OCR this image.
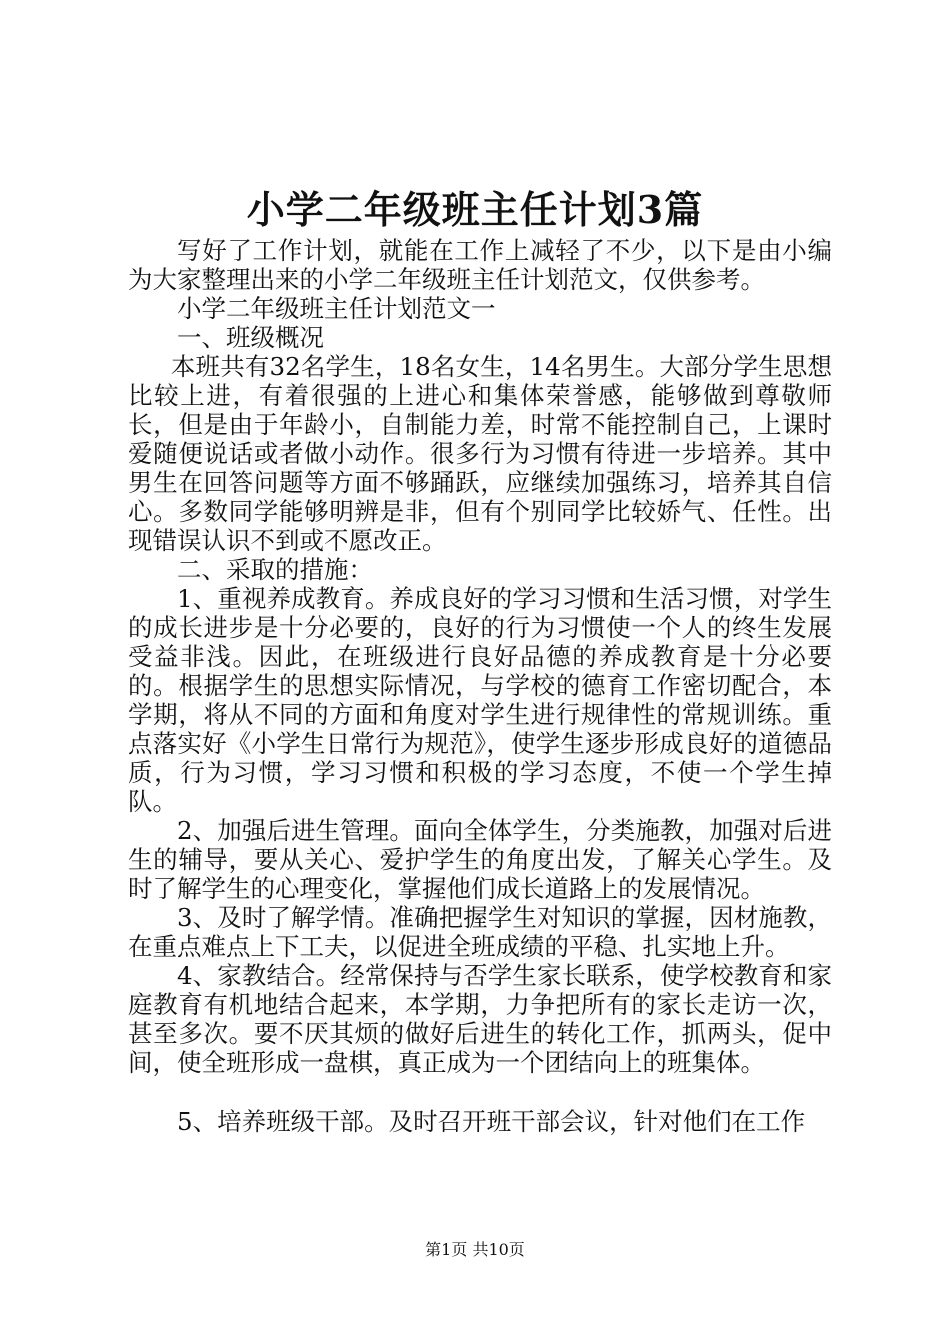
小学二年级班主任计划3篇

写好了工作计划，就能在工作上减轻了不少，以下是由小编为大家整理出来的小学二年级班主任计划范文，仅供参考。

小学二年级班主任计划范文一

一、班级概况

本班共有32名学生，18名女生，14名男生。大部分学生思想比较上进，有着很强的上进心和集体荣誉感，能够做到尊敬师长，但是由于年龄小，自制能力差，时常不能控制自己，上课时爱随便说话或者做小动作。很多行为习惯有待进一步培养。其中男生在回答问题等方面不够踊跃，应继续加强练习，培养其自信心。多数同学能够明辨是非，但有个别同学比较娇气、任性。出现错误认识不到或不愿改正。

二、采取的措施：

1、重视养成教育。养成良好的学习习惯和生活习惯，对学生的成长进步是十分必要的，良好的行为习惯使一个人的终生发展受益非浅。因此，在班级进行良好品德的养成教育是十分必要的。根据学生的思想实际情况，与学校的德育工作密切配合，本学期，将从不同的方面和角度对学生进行规律性的常规训练。重点落实好《小学生日常行为规范》，使学生逐步形成良好的道德品质，行为习惯，学习习惯和积极的学习态度，不使一个学生掉队。

2、加强后进生管理。面向全体学生，分类施教，加强对后进生的辅导，要从关心、爱护学生的角度出发，了解关心学生。及时了解学生的心理变化，掌握他们成长道路上的发展情况。

3、及时了解学情。准确把握学生对知识的掌握，因材施教，在重点难点上下工夫，以促进全班成绩的平稳、扎实地上升。

4、家教结合。经常保持与否学生家长联系，使学校教育和家庭教育有机地结合起来，本学期，力争把所有的家长走访一次，甚至多次。要不厌其烦的做好后进生的转化工作，抓两头，促中间，使全班形成一盘棋，真正成为一个团结向上的班集体。

5、培养班级干部。及时召开班干部会议，针对他们在工作

第1页 共10页
